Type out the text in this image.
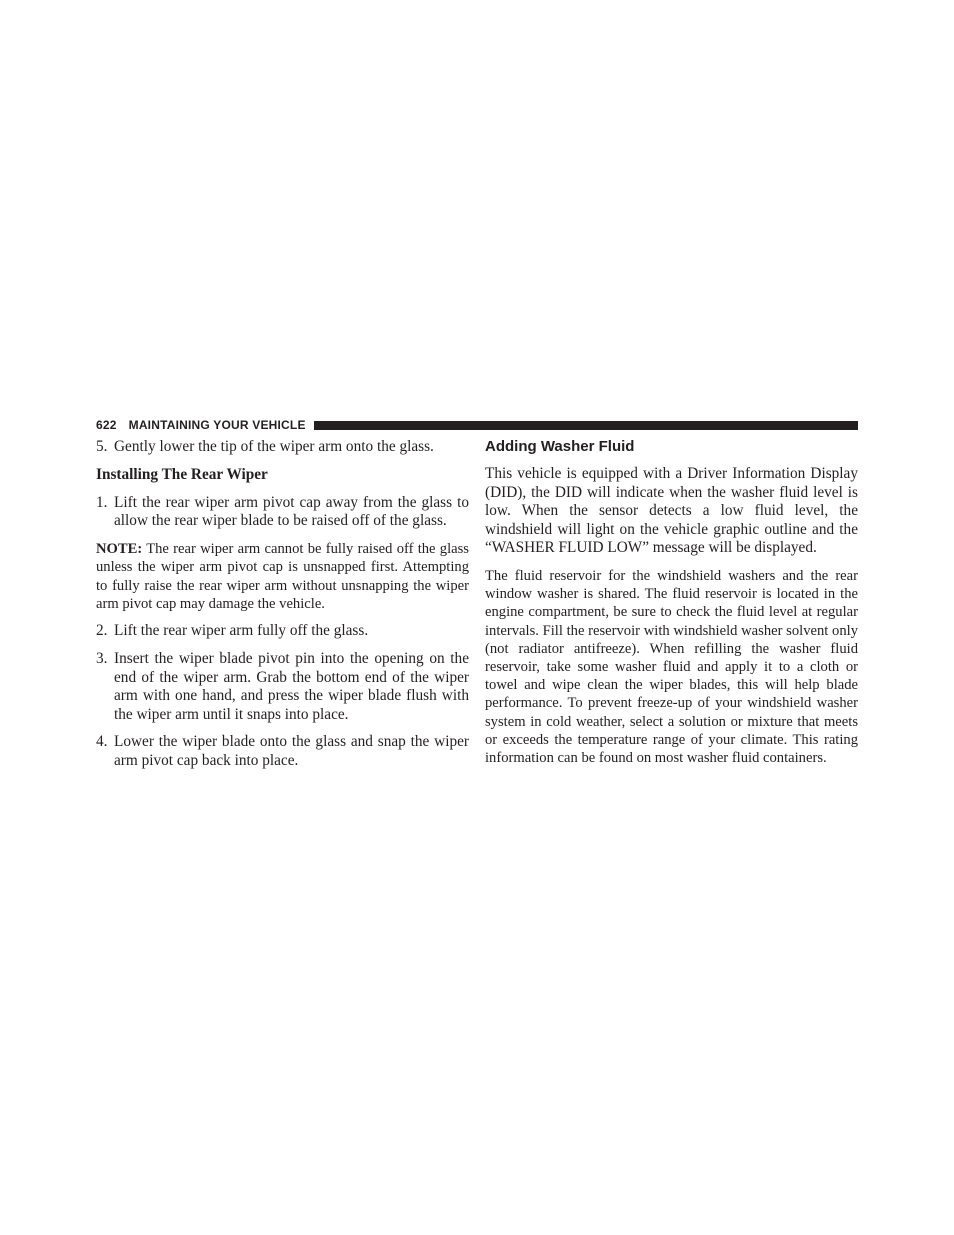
622 MAINTAINING YOUR VEHICLE
5. Gently lower the tip of the wiper arm onto the glass.
Installing The Rear Wiper
1. Lift the rear wiper arm pivot cap away from the glass to allow the rear wiper blade to be raised off of the glass.

NOTE: The rear wiper arm cannot be fully raised off the glass unless the wiper arm pivot cap is unsnapped first. Attempting to fully raise the rear wiper arm without unsnapping the wiper arm pivot cap may damage the vehicle.

2. Lift the rear wiper arm fully off the glass.
3. Insert the wiper blade pivot pin into the opening on the end of the wiper arm. Grab the bottom end of the wiper arm with one hand, and press the wiper blade flush with the wiper arm until it snaps into place.
4. Lower the wiper blade onto the glass and snap the wiper arm pivot cap back into place.
Adding Washer Fluid

This vehicle is equipped with a Driver Information Display (DID), the DID will indicate when the washer fluid level is low. When the sensor detects a low fluid level, the windshield will light on the vehicle graphic outline and the “WASHER FLUID LOW” message will be displayed.

The fluid reservoir for the windshield washers and the rear window washer is shared. The fluid reservoir is located in the engine compartment, be sure to check the fluid level at regular intervals. Fill the reservoir with windshield washer solvent only (not radiator antifreeze). When refilling the washer fluid reservoir, take some washer fluid and apply it to a cloth or towel and wipe clean the wiper blades, this will help blade performance. To prevent freeze-up of your windshield washer system in cold weather, select a solution or mixture that meets or exceeds the temperature range of your climate. This rating information can be found on most washer fluid containers.
